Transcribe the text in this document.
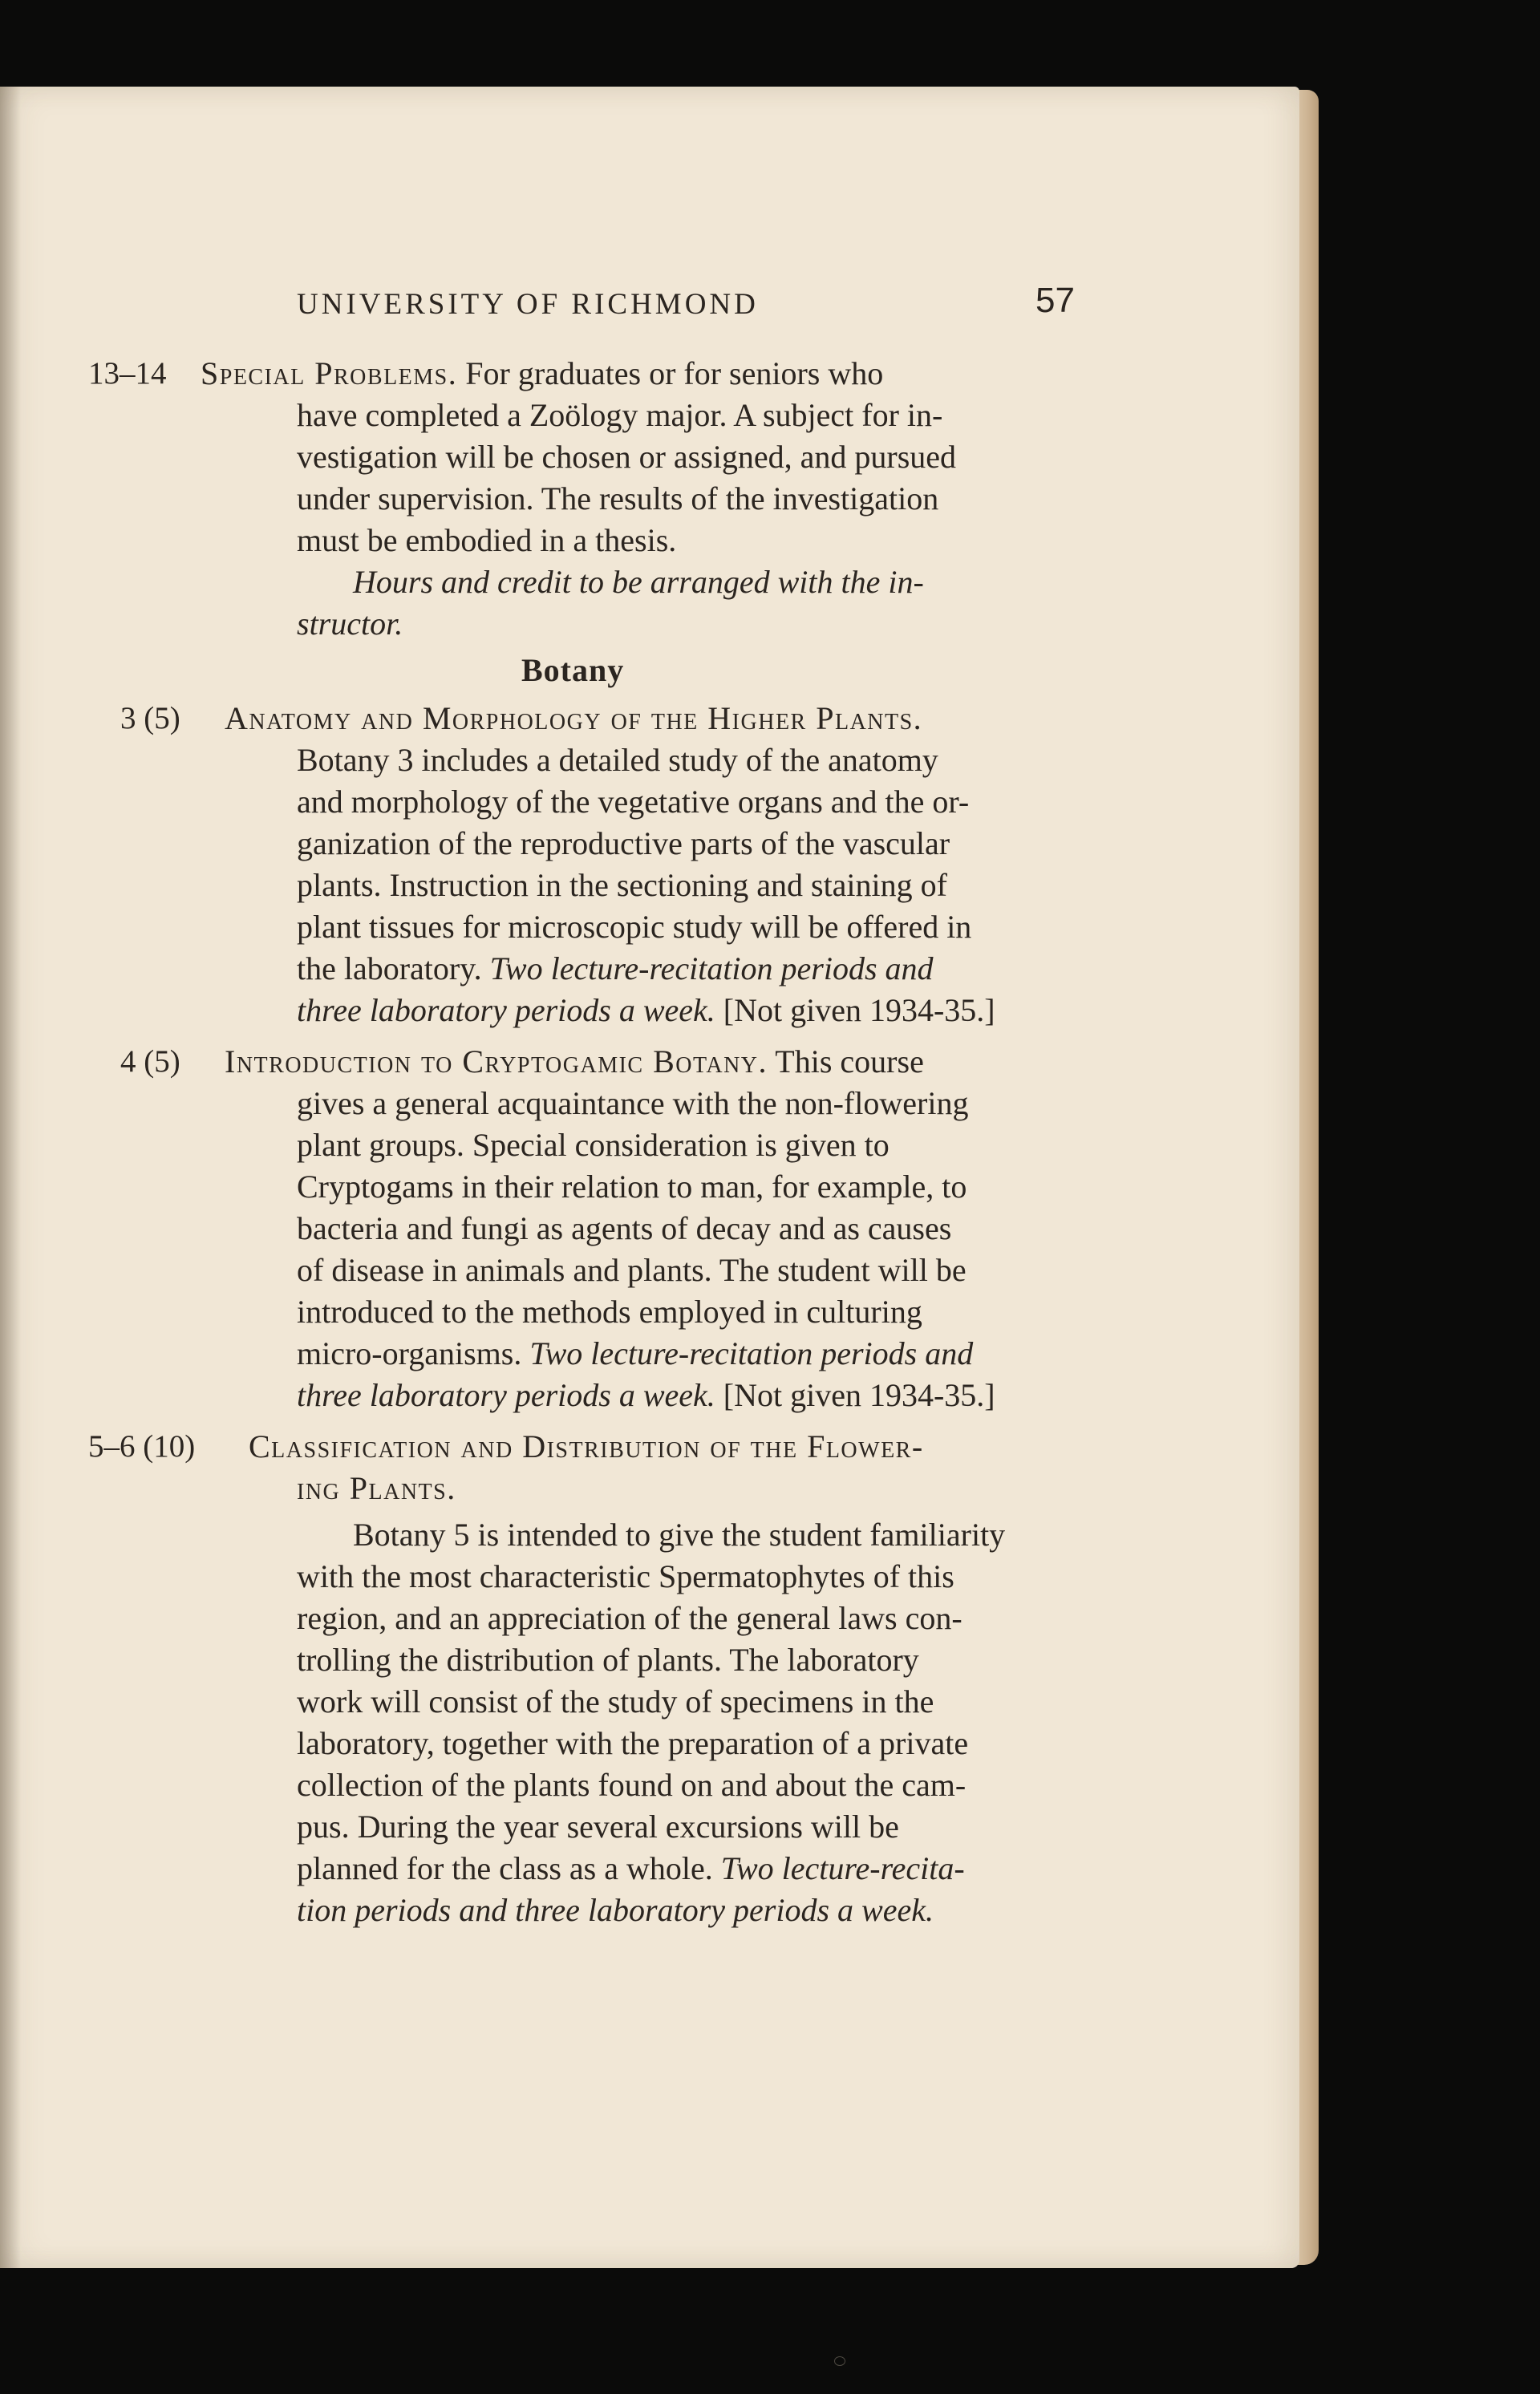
UNIVERSITY OF RICHMOND	57
13–14 Special Problems. For graduates or for seniors who
have completed a Zoölogy major. A subject for in-
vestigation will be chosen or assigned, and pursued
under supervision. The results of the investigation
must be embodied in a thesis.
Hours and credit to be arranged with the in-
structor.
Botany
3 (5) Anatomy and Morphology of the Higher Plants.
Botany 3 includes a detailed study of the anatomy
and morphology of the vegetative organs and the or-
ganization of the reproductive parts of the vascular
plants. Instruction in the sectioning and staining of
plant tissues for microscopic study will be offered in
the laboratory. Two lecture-recitation periods and
three laboratory periods a week. [Not given 1934-35.]
4 (5) Introduction to Cryptogamic Botany. This course
gives a general acquaintance with the non-flowering
plant groups. Special consideration is given to
Cryptogams in their relation to man, for example, to
bacteria and fungi as agents of decay and as causes
of disease in animals and plants. The student will be
introduced to the methods employed in culturing
micro-organisms. Two lecture-recitation periods and
three laboratory periods a week. [Not given 1934-35.]
5–6 (10) Classification and Distribution of the Flower-
ing Plants.
Botany 5 is intended to give the student familiarity
with the most characteristic Spermatophytes of this
region, and an appreciation of the general laws con-
trolling the distribution of plants. The laboratory
work will consist of the study of specimens in the
laboratory, together with the preparation of a private
collection of the plants found on and about the cam-
pus. During the year several excursions will be
planned for the class as a whole. Two lecture-recita-
tion periods and three laboratory periods a week.
